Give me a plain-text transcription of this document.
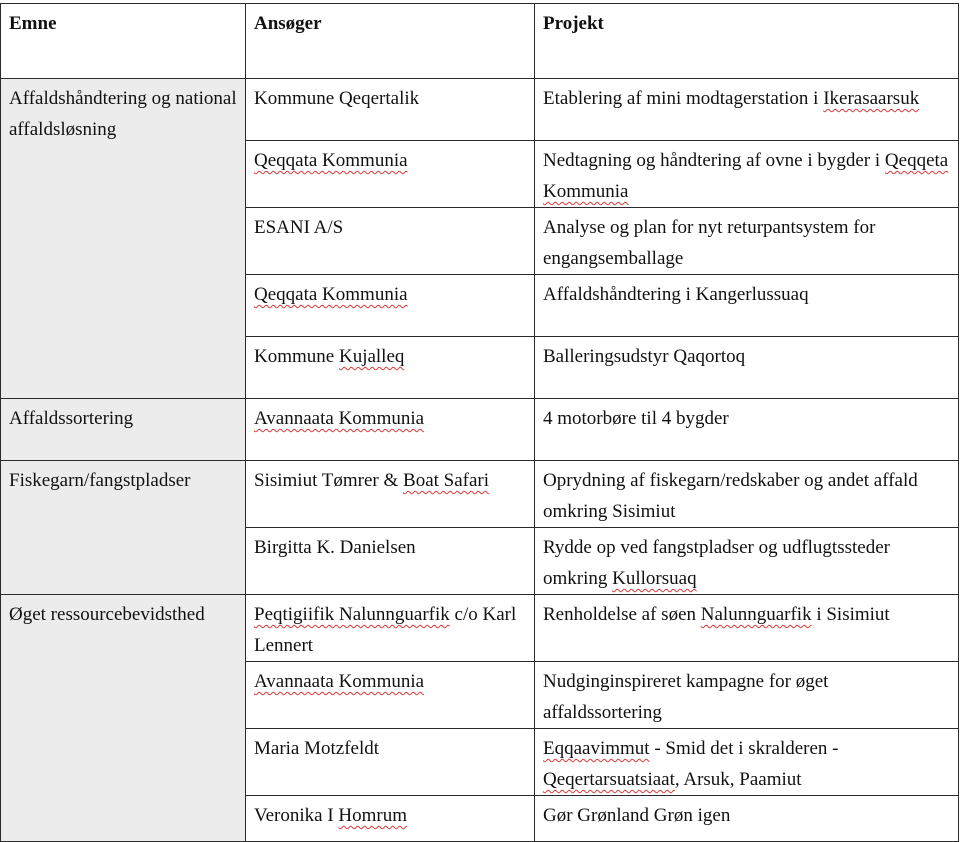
Emne	Ansøger	Projekt
Affaldshåndtering og national affaldsløsning	Kommune Qeqertalik	Etablering af mini modtagerstation i Ikerasaarsuk
	Qeqqata Kommunia	Nedtagning og håndtering af ovne i bygder i Qeqqeta Kommunia
	ESANI A/S	Analyse og plan for nyt returpantsystem for engangsemballage
	Qeqqata Kommunia	Affaldshåndtering i Kangerlussuaq
	Kommune Kujalleq	Balleringsudstyr Qaqortoq
Affaldssortering	Avannaata Kommunia	4 motorbøre til 4 bygder
Fiskegarn/fangstpladser	Sisimiut Tømrer & Boat Safari	Oprydning af fiskegarn/redskaber og andet affald omkring Sisimiut
	Birgitta K. Danielsen	Rydde op ved fangstpladser og udflugtssteder omkring Kullorsuaq
Øget ressourcebevidsthed	Peqtigiifik Nalunnguarfik c/o Karl Lennert	Renholdelse af søen Nalunnguarfik i Sisimiut
	Avannaata Kommunia	Nudginginspireret kampagne for øget affaldssortering
	Maria Motzfeldt	Eqqaavimmut - Smid det i skralderen - Qeqertarsuatsiaat, Arsuk, Paamiut
	Veronika I Homrum	Gør Grønland Grøn igen
